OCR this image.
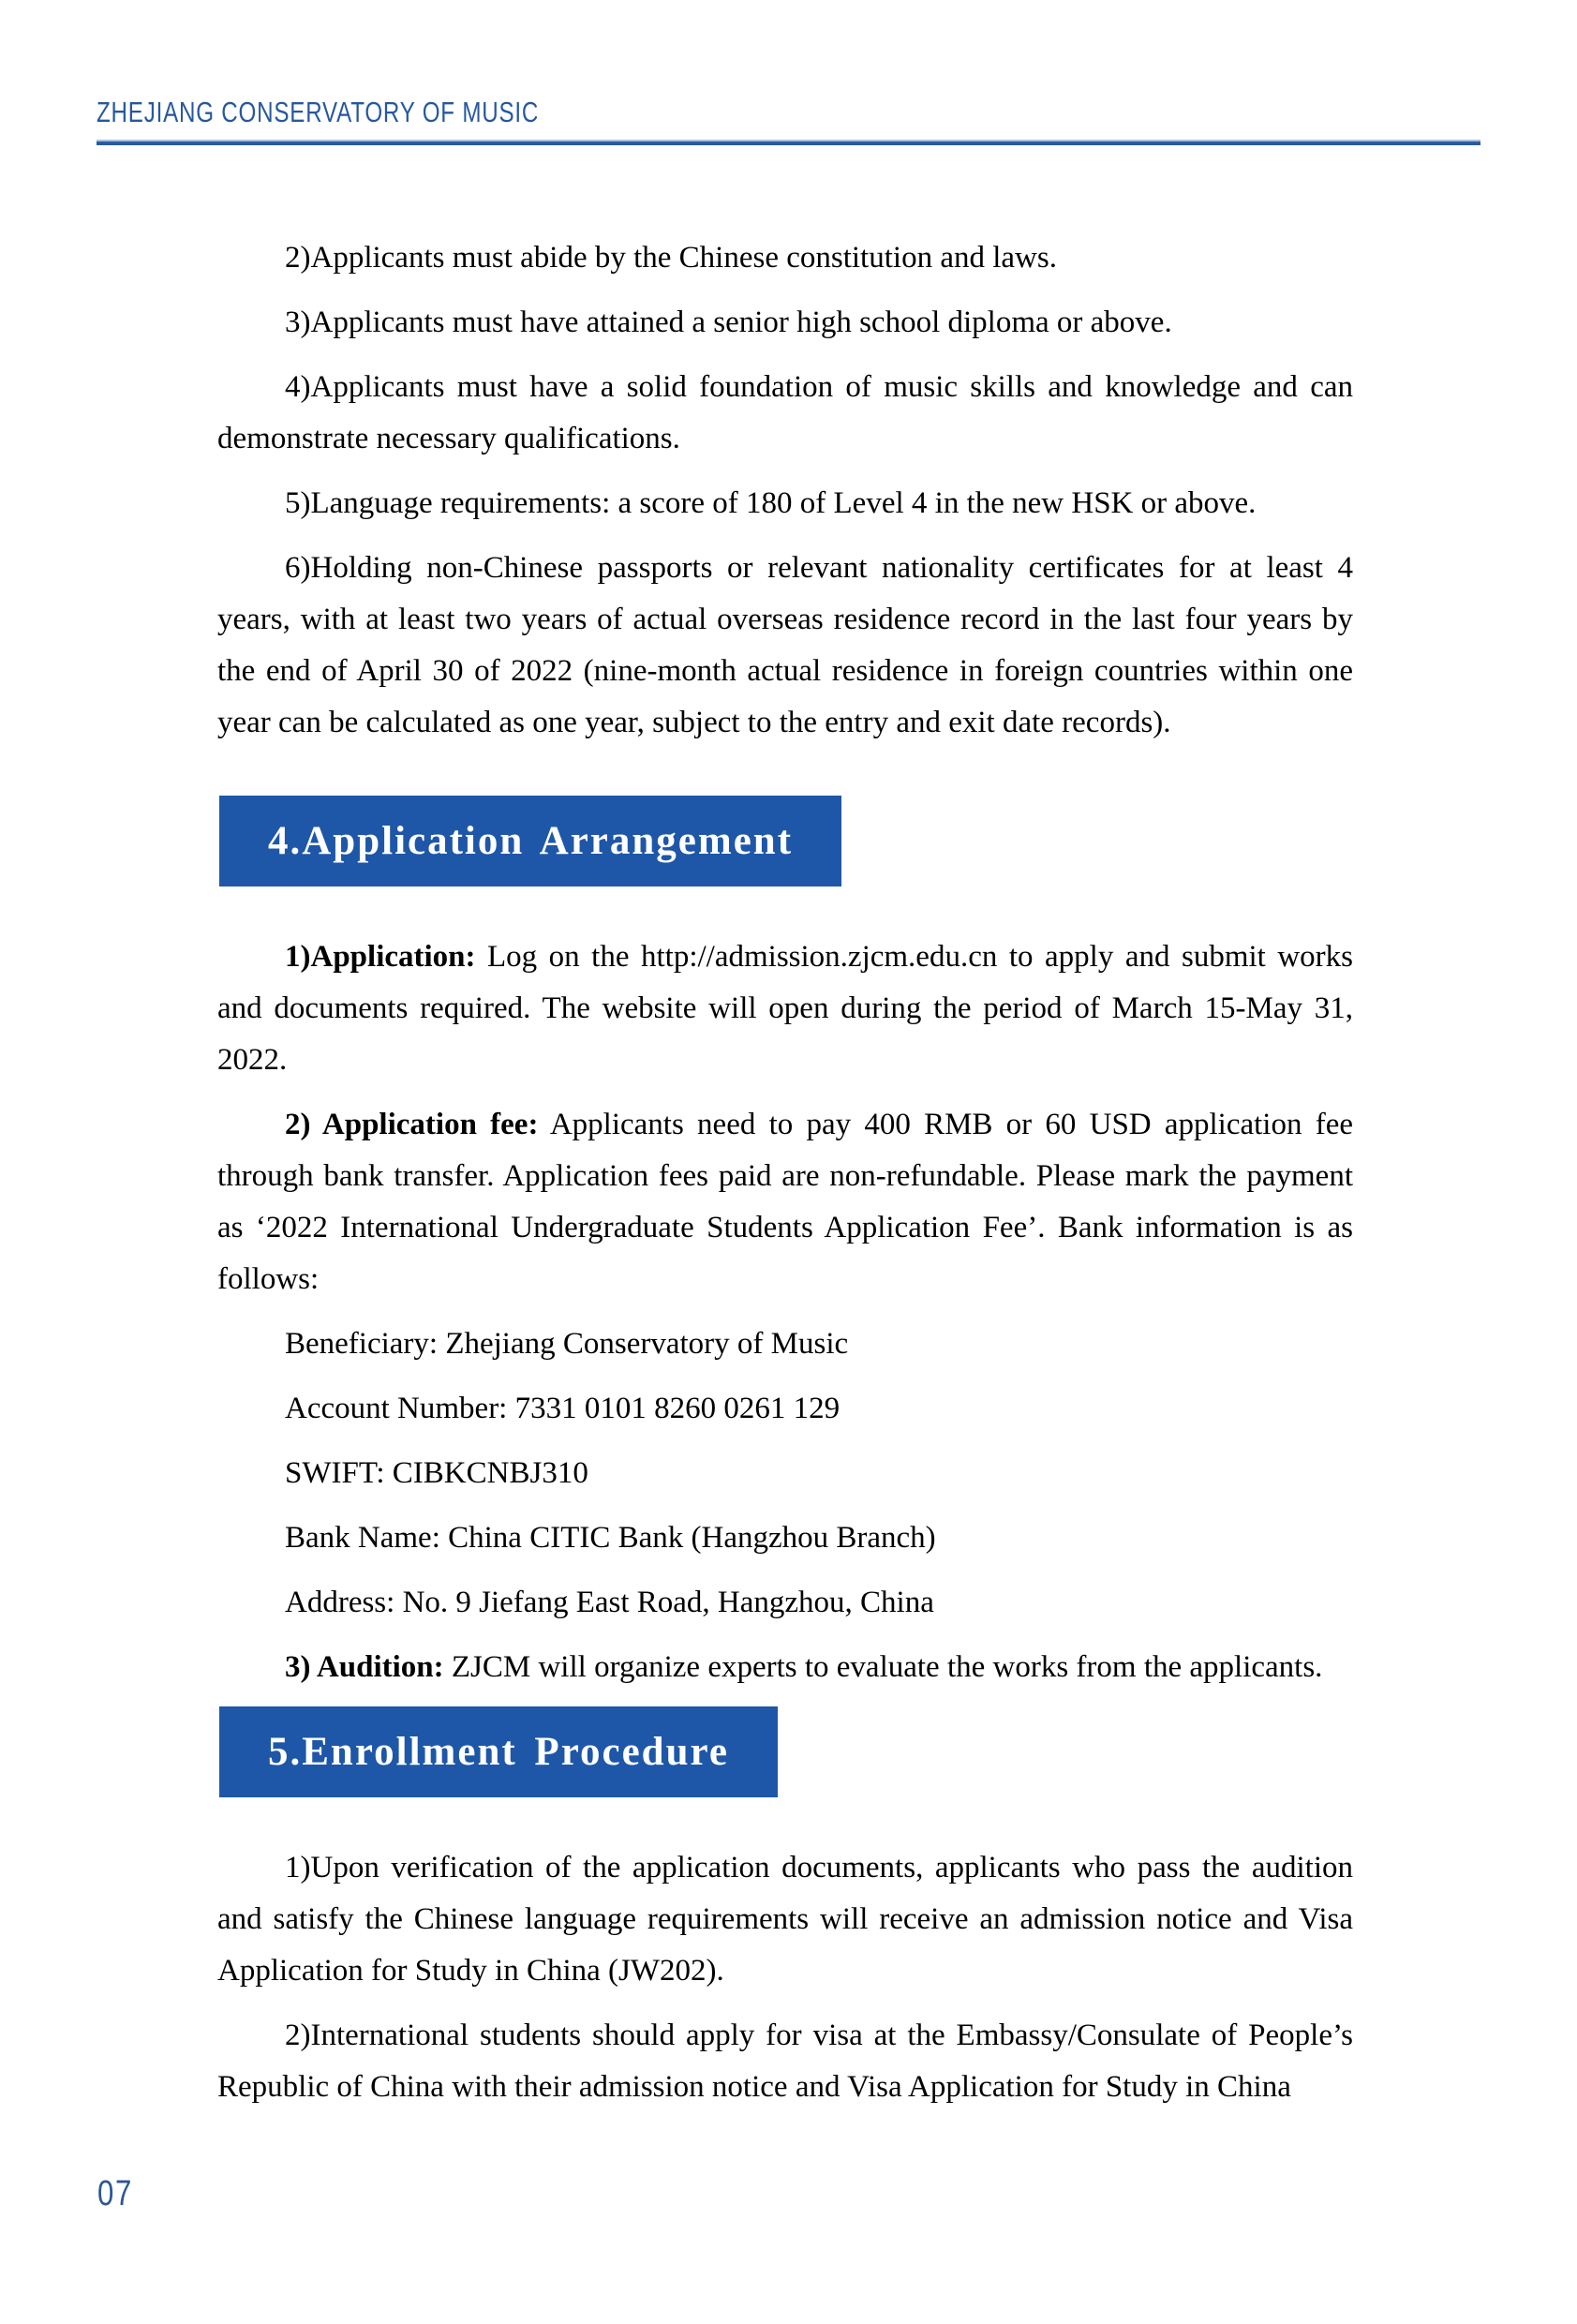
ZHEJIANG CONSERVATORY OF MUSIC

2)Applicants must abide by the Chinese constitution and laws.

3)Applicants must have attained a senior high school diploma or above.

4)Applicants must have a solid foundation of music skills and knowledge and can demonstrate necessary qualifications.

5)Language requirements: a score of 180 of Level 4 in the new HSK or above.

6)Holding non-Chinese passports or relevant nationality certificates for at least 4 years, with at least two years of actual overseas residence record in the last four years by the end of April 30 of 2022 (nine-month actual residence in foreign countries within one year can be calculated as one year, subject to the entry and exit date records).

4.Application Arrangement

1)Application: Log on the http://admission.zjcm.edu.cn to apply and submit works and documents required. The website will open during the period of March 15-May 31, 2022.

2) Application fee: Applicants need to pay 400 RMB or 60 USD application fee through bank transfer. Application fees paid are non-refundable. Please mark the payment as ‘2022 International Undergraduate Students Application Fee’. Bank information is as follows:

Beneficiary: Zhejiang Conservatory of Music

Account Number: 7331 0101 8260 0261 129

SWIFT: CIBKCNBJ310

Bank Name: China CITIC Bank (Hangzhou Branch)

Address: No. 9 Jiefang East Road, Hangzhou, China

3) Audition: ZJCM will organize experts to evaluate the works from the applicants.

5.Enrollment Procedure

1)Upon verification of the application documents, applicants who pass the audition and satisfy the Chinese language requirements will receive an admission notice and Visa Application for Study in China (JW202).

2)International students should apply for visa at the Embassy/Consulate of People’s Republic of China with their admission notice and Visa Application for Study in China

07
